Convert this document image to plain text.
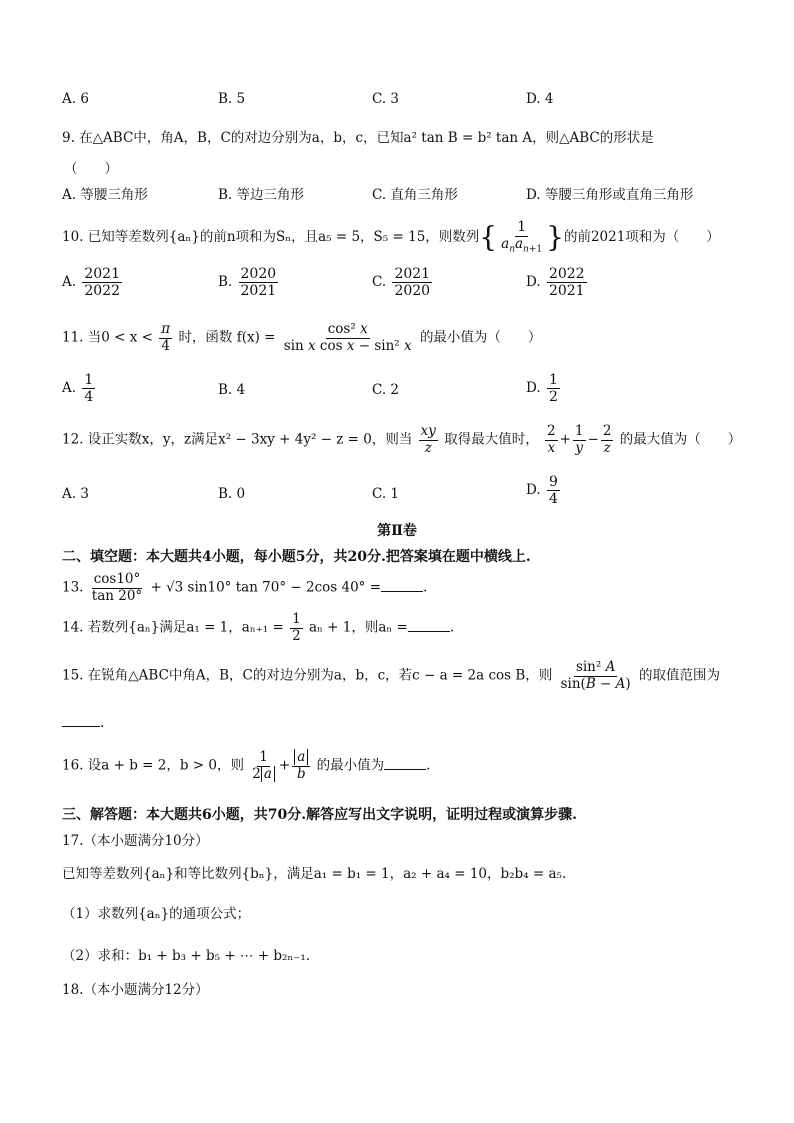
A. 6	B. 5	C. 3	D. 4
9. 在△ABC中，角A，B，C的对边分别为a，b，c，已知a² tan B = b² tan A，则△ABC的形状是
（　　）
A. 等腰三角形	B. 等边三角形	C. 直角三角形	D. 等腰三角形或直角三角形
10. 已知等差数列{aₙ}的前n项和为Sₙ，且a₅ = 5，S₅ = 15，则数列{ $\frac{1}{a_na_{n+1}}$ }的前2021项和为（　　）
A. $\frac{2021}{2022}$	B. $\frac{2020}{2021}$	C. $\frac{2021}{2020}$	D. $\frac{2022}{2021}$
11. 当$0 < x < \frac{\pi}{4}$ 时，函数 $f(x) = \frac{\text{cos² x}}{\text{sin x cos x − sin² x}}$ 的最小值为（　　）
A. $\frac{1}{4}$	B. 4	C. 2	D. $\frac{1}{2}$
12. 设正实数x，y，z满足x² − 3xy + 4y² − z = 0，则当 $\frac{xy}{z}$ 取得最大值时， $\frac{2}{x} + \frac{1}{y} - \frac{2}{z}$ 的最大值为（　　）
A. 3	B. 0	C. 1	D. $\frac{9}{4}$
第Ⅱ卷
二、填空题：本大题共4小题，每小题5分，共20分.把答案填在题中横线上.
13. $\frac{\cos 10^\circ}{\tan 20^\circ} + √3$ sin10° tan 70° − 2cos 40° =	.
14. 若数列{aₙ}满足a₁ = 1，$a_{n+1} = \frac{1}{2}$ aₙ + 1，则aₙ =	.
15. 在锐角△ABC中角A，B，C的对边分别为a，b，c，若c − a = 2a cos B，则 $\frac{\text{sin² A}}{\sin(B - A)}$ 的取值范围为
.
16. 设a + b = 2，b > 0，则 $\frac{1}{2 a} + \frac{a}{b}$ 的最小值为	.
三、解答题：本大题共6小题，共70分.解答应写出文字说明，证明过程或演算步骤.
17.（本小题满分10分）
已知等差数列{aₙ}和等比数列{bₙ}，满足a₁ = b₁ = 1，a₂ + a₄ = 10，b₂b₄ = a₅.
（1）求数列{aₙ}的通项公式；
（2）求和：b₁ + b₃ + b₅ + ⋯ + b₂ₙ₋₁.
18.（本小题满分12分）
